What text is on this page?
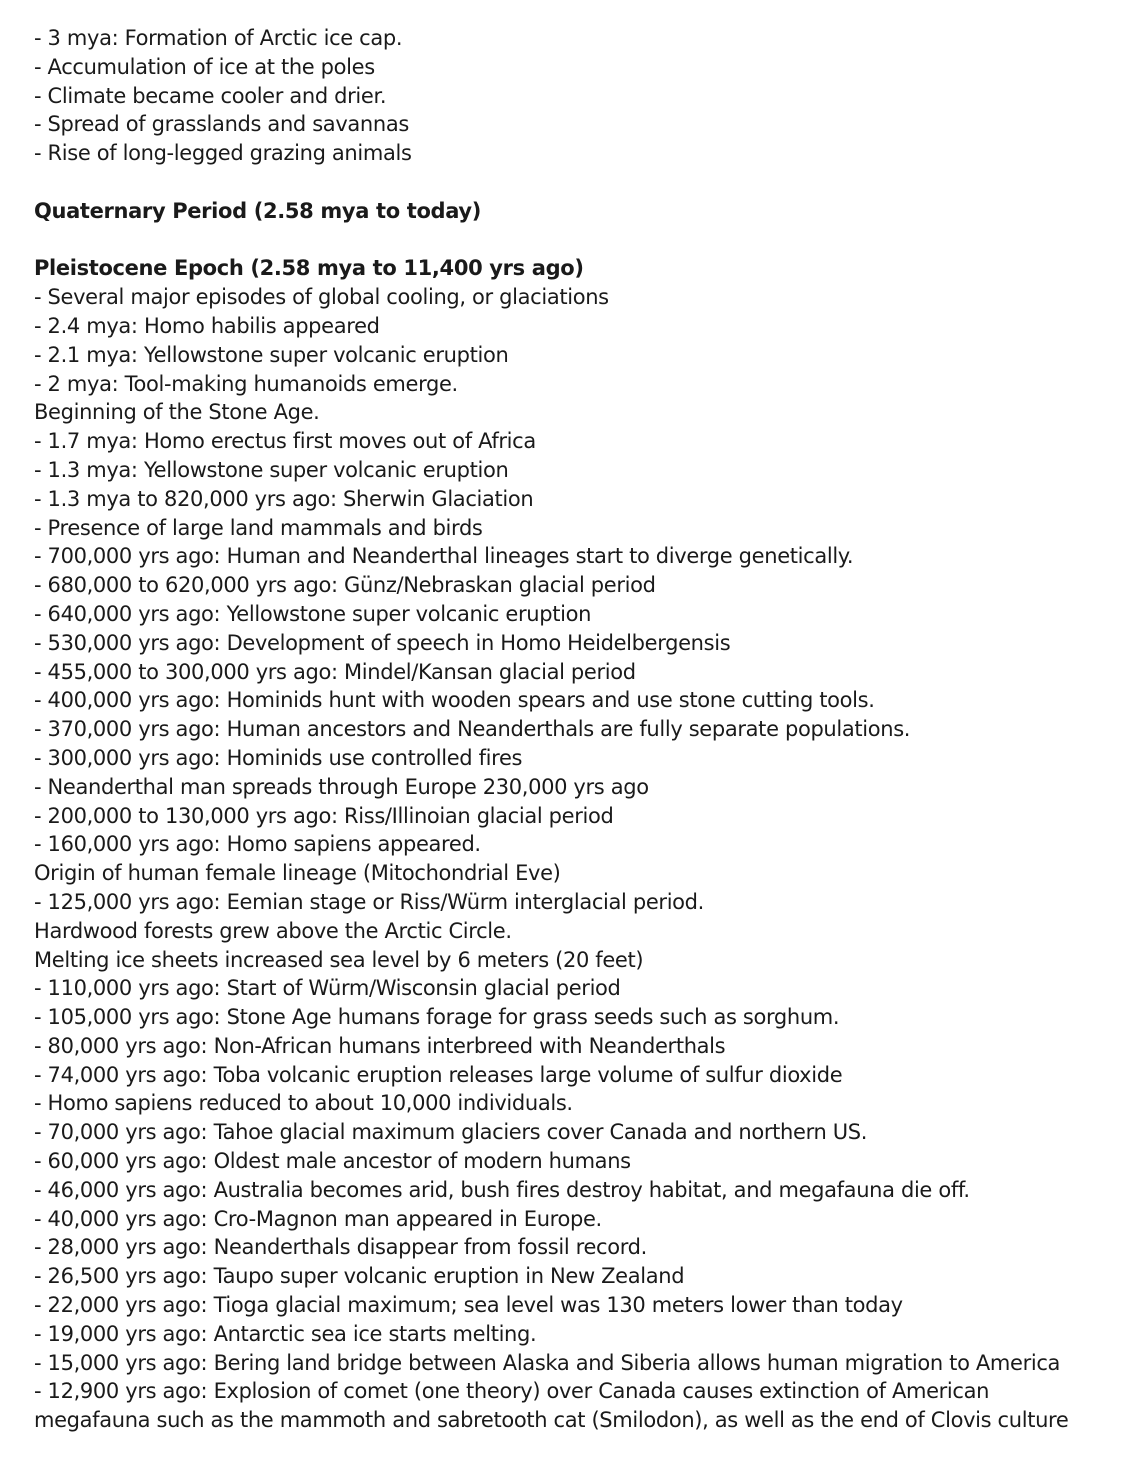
- 3 mya: Formation of Arctic ice cap.
- Accumulation of ice at the poles
- Climate became cooler and drier.
- Spread of grasslands and savannas
- Rise of long-legged grazing animals
Quaternary Period (2.58 mya to today)
Pleistocene Epoch (2.58 mya to 11,400 yrs ago)
- Several major episodes of global cooling, or glaciations
- 2.4 mya: Homo habilis appeared
- 2.1 mya: Yellowstone super volcanic eruption
- 2 mya: Tool-making humanoids emerge.
Beginning of the Stone Age.
- 1.7 mya: Homo erectus first moves out of Africa
- 1.3 mya: Yellowstone super volcanic eruption
- 1.3 mya to 820,000 yrs ago: Sherwin Glaciation
- Presence of large land mammals and birds
- 700,000 yrs ago: Human and Neanderthal lineages start to diverge genetically.
- 680,000 to 620,000 yrs ago: Günz/Nebraskan glacial period
- 640,000 yrs ago: Yellowstone super volcanic eruption
- 530,000 yrs ago: Development of speech in Homo Heidelbergensis
- 455,000 to 300,000 yrs ago: Mindel/Kansan glacial period
- 400,000 yrs ago: Hominids hunt with wooden spears and use stone cutting tools.
- 370,000 yrs ago: Human ancestors and Neanderthals are fully separate populations.
- 300,000 yrs ago: Hominids use controlled fires
- Neanderthal man spreads through Europe 230,000 yrs ago
- 200,000 to 130,000 yrs ago: Riss/Illinoian glacial period
- 160,000 yrs ago: Homo sapiens appeared.
Origin of human female lineage (Mitochondrial Eve)
- 125,000 yrs ago: Eemian stage or Riss/Würm interglacial period.
Hardwood forests grew above the Arctic Circle.
Melting ice sheets increased sea level by 6 meters (20 feet)
- 110,000 yrs ago: Start of Würm/Wisconsin glacial period
- 105,000 yrs ago: Stone Age humans forage for grass seeds such as sorghum.
- 80,000 yrs ago: Non-African humans interbreed with Neanderthals
- 74,000 yrs ago: Toba volcanic eruption releases large volume of sulfur dioxide
- Homo sapiens reduced to about 10,000 individuals.
- 70,000 yrs ago: Tahoe glacial maximum glaciers cover Canada and northern US.
- 60,000 yrs ago: Oldest male ancestor of modern humans
- 46,000 yrs ago: Australia becomes arid, bush fires destroy habitat, and megafauna die off.
- 40,000 yrs ago: Cro-Magnon man appeared in Europe.
- 28,000 yrs ago: Neanderthals disappear from fossil record.
- 26,500 yrs ago: Taupo super volcanic eruption in New Zealand
- 22,000 yrs ago: Tioga glacial maximum; sea level was 130 meters lower than today
- 19,000 yrs ago: Antarctic sea ice starts melting.
- 15,000 yrs ago: Bering land bridge between Alaska and Siberia allows human migration to America
- 12,900 yrs ago: Explosion of comet (one theory) over Canada causes extinction of American
megafauna such as the mammoth and sabretooth cat (Smilodon), as well as the end of Clovis culture
